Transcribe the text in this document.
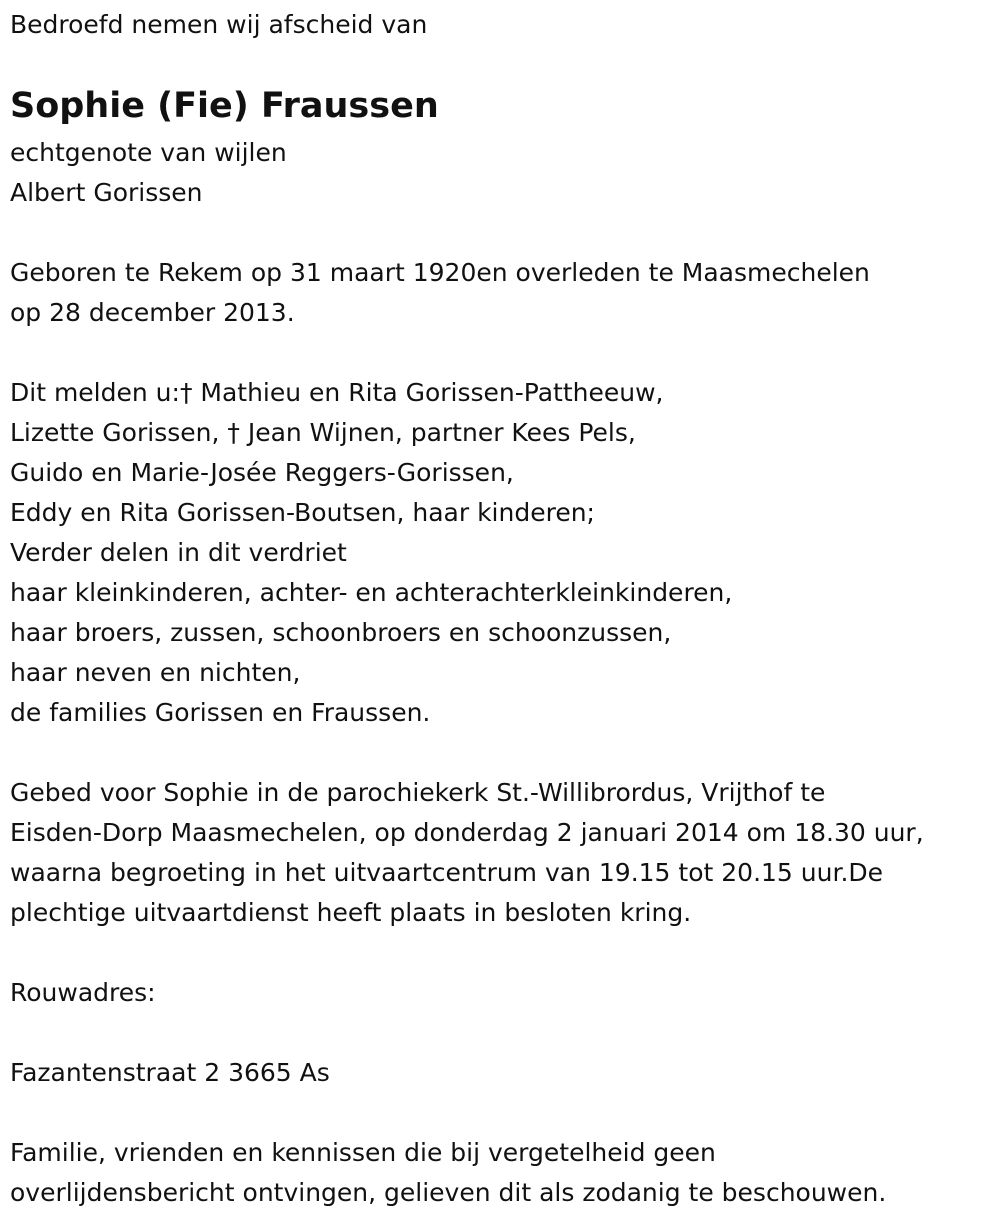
Bedroefd nemen wij afscheid van
Sophie (Fie) Fraussen
echtgenote van wijlen
Albert Gorissen
Geboren te Rekem op 31 maart 1920en overleden te Maasmechelen
op 28 december 2013.
Dit melden u:† Mathieu en Rita Gorissen-Pattheeuw,
Lizette Gorissen, † Jean Wijnen, partner Kees Pels,
Guido en Marie-Josée Reggers-Gorissen,
Eddy en Rita Gorissen-Boutsen, haar kinderen;
Verder delen in dit verdriet
haar kleinkinderen, achter- en achterachterkleinkinderen,
haar broers, zussen, schoonbroers en schoonzussen,
haar neven en nichten,
de families Gorissen en Fraussen.
Gebed voor Sophie in de parochiekerk St.-Willibrordus, Vrijthof te
Eisden-Dorp Maasmechelen, op donderdag 2 januari 2014 om 18.30 uur,
waarna begroeting in het uitvaartcentrum van 19.15 tot 20.15 uur.De
plechtige uitvaartdienst heeft plaats in besloten kring.
Rouwadres:
Fazantenstraat 2 3665 As
Familie, vrienden en kennissen die bij vergetelheid geen
overlijdensbericht ontvingen, gelieven dit als zodanig te beschouwen.
